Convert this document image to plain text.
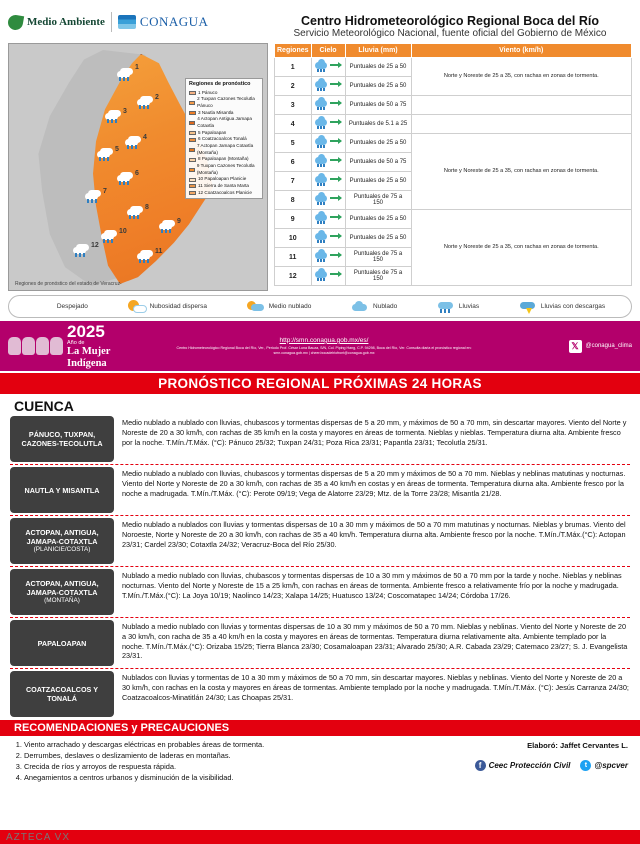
Medio Ambiente	CONAGUA	Centro Hidrometeorológico Regional Boca del Río
Servicio Meteorológico Nacional, fuente oficial del Gobierno de México
1
2
3
4
5
6
7
8
9
10
11
12
Regiones de pronóstico
1 Pánuco
2 Tuxpan Cazones Tecolutla Pánuco
3 Nautla Misantla
4 Actopan Antigua Jamapa Cotaxtla
5 Papaloapan
6 Coatzacoalcos Tonalá
7 Actopan Jamapa Cotaxtla (Montaña)
8 Papaloapan (Montaña)
9 Tuxpan Cazones Tecolutla (Montaña)
10 Papaloapan Planicie
11 Sierra de Santa Marta
12 Coatzacoalcos Planicie
Regiones de pronóstico del estado de Veracruz
Regiones	Cielo	Lluvia (mm)	Viento (km/h)
1		Puntuales de 25 a 50	Norte y Noreste de 25 a 35, con rachas en zonas de tormenta.
2		Puntuales de 25 a 50	
3		Puntuales de 50 a 75	
4		Puntuales de 5.1 a 25	
5		Puntuales de 25 a 50	Norte y Noreste de 25 a 35, con rachas en zonas de tormenta.
6		Puntuales de 50 a 75	
7		Puntuales de 25 a 50	
8		Puntuales de 75 a 150	
9		Puntuales de 25 a 50	Norte y Noreste de 25 a 35, con rachas en zonas de tormenta.
10		Puntuales de 25 a 50	
11		Puntuales de 75 a 150	
12		Puntuales de 75 a 150	
Despejado	Nubosidad dispersa	Medio nublado	Nublado	Lluvias	Lluvias con descargas
2025
Año de
La Mujer
Indígena
http://smn.conagua.gob.mx/es/
Centro Hidrometeorológico Regional Boca del Río, Ver., Periodo Prof. César Luna Bauza, S/N, Col. Piping Hang, C.P. 94298, Boca del Río, Ver. Consulta diaria el pronóstico regional en: smn.conagua.gob.mx | cheer.bocadelriofront@conagua.gob.mx
𝕏	@conagua_clima
PRONÓSTICO REGIONAL PRÓXIMAS 24 HORAS
CUENCA
PÁNUCO, TUXPAN, CAZONES-TECOLUTLA
Medio nublado a nublado con lluvias, chubascos y tormentas dispersas de 5 a 20 mm, y máximos de 50 a 70 mm, sin descartar mayores. Viento del Norte y Noreste de 20 a 30 km/h, con rachas de 35 km/h en la costa y mayores en áreas de tormenta. Nieblas y nieblas. Temperatura diurna alta. Ambiente fresco por la noche. T.Mín./T.Máx. (°C): Pánuco 25/32; Tuxpan 24/31; Poza Rica 23/31; Papantla 23/31; Tecolutla 25/31.
NAUTLA Y MISANTLA
Medio nublado a nublado con lluvias, chubascos y tormentas dispersas de 5 a 20 mm y máximos de 50 a 70 mm. Nieblas y neblinas matutinas y nocturnas. Viento del Norte y Noreste de 20 a 30 km/h, con rachas de 35 a 40 km/h en costas y en áreas de tormenta. Temperatura diurna alta. Ambiente fresco por la noche a madrugada. T.Mín./T.Máx. (°C): Perote 09/19; Vega de Alatorre 23/29; Mtz. de la Torre 23/28; Misantla 21/28.
ACTOPAN, ANTIGUA, JAMAPA-COTAXTLA
(PLANICIE/COSTA)
Medio nublado a nublados con lluvias y tormentas dispersas de 10 a 30 mm y máximos de 50 a 70 mm matutinas y nocturnas. Nieblas y brumas. Viento del Noroeste, Norte y Noreste de 20 a 30 km/h, con rachas de 35 a 40 km/h. Temperatura diurna alta. Ambiente fresco por la noche. T.Mín./T.Máx.(°C): Actopan 23/31; Cardel 23/30; Cotaxtla 24/32; Veracruz-Boca del Río 25/30.
ACTOPAN, ANTIGUA, JAMAPA-COTAXTLA
(MONTAÑA)
Nublado a medio nublado con lluvias, chubascos y tormentas dispersas de 10 a 30 mm y máximos de 50 a 70 mm por la tarde y noche. Nieblas y neblinas nocturnas. Viento del Norte y Noreste de 15 a 25 km/h, con rachas en áreas de tormenta. Ambiente fresco a relativamente frío por la noche y madrugada. T.Mín./T.Máx.(°C): La Joya 10/19; Naolinco 14/23; Xalapa 14/25; Huatusco 13/24; Coscomatapec 14/24; Córdoba 17/26.
PAPALOAPAN
Nublado a medio nublado con lluvias y tormentas dispersas de 10 a 30 mm y máximos de 50 a 70 mm. Nieblas y neblinas. Viento del Norte y Noreste de 20 a 30 km/h, con racha de 35 a 40 km/h en la costa y mayores en áreas de tormentas. Temperatura diurna relativamente alta. Ambiente templado por la noche. T.Mín./T.Máx.(°C): Orizaba 15/25; Tierra Blanca 23/30; Cosamaloapan 23/31; Alvarado 25/30; A.R. Cabada 23/29; Catemaco 23/27; S. J. Evangelista 23/31.
COATZACOALCOS Y TONALÁ
Nublados con lluvias y tormentas de 10 a 30 mm y máximos de 50 a 70 mm, sin descartar mayores. Nieblas y neblinas. Viento del Norte y Noreste de 20 a 30 km/h, con rachas en la costa y mayores en áreas de tormentas. Ambiente templado por la noche y madrugada. T.Mín./T.Máx. (°C): Jesús Carranza 24/30; Coatzacoalcos-Minatitlán 24/30; Las Choapas 25/31.
RECOMENDACIONES y PRECAUCIONES
1. Viento arrachado y descargas eléctricas en probables áreas de tormenta.
2. Derrumbes, deslaves o deslizamiento de laderas en montañas.
3. Crecida de ríos y arroyos de respuesta rápida.
4. Anegamientos a centros urbanos y disminución de la visibilidad.
Elaboró: Jaffet Cervantes L.
f Ceec Protección Civil	t @spcver
AZTECA VX
